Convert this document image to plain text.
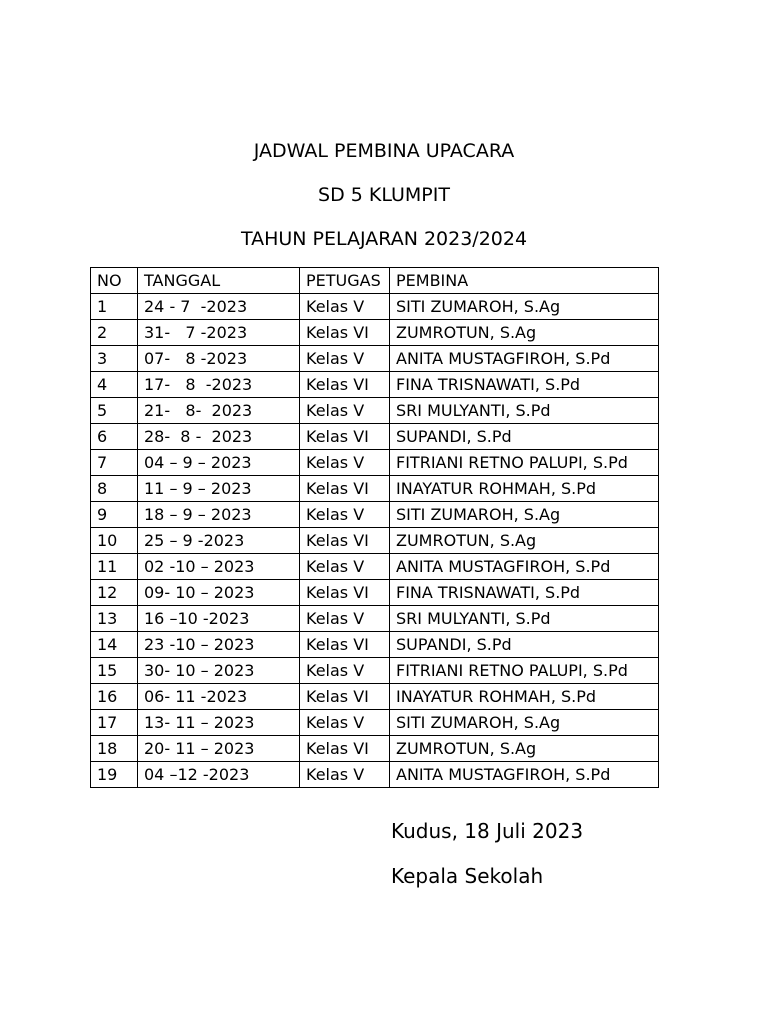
JADWAL PEMBINA UPACARA
SD 5 KLUMPIT
TAHUN PELAJARAN 2023/2024
NO	TANGGAL	PETUGAS	PEMBINA
1	24 - 7  -2023	Kelas V	SITI ZUMAROH, S.Ag
2	31-   7 -2023	Kelas VI	ZUMROTUN, S.Ag
3	07-   8 -2023	Kelas V	ANITA MUSTAGFIROH, S.Pd
4	17-   8  -2023	Kelas VI	FINA TRISNAWATI, S.Pd
5	21-   8-  2023	Kelas V	SRI MULYANTI, S.Pd
6	28-  8 -  2023	Kelas VI	SUPANDI, S.Pd
7	04 – 9 – 2023	Kelas V	FITRIANI RETNO PALUPI, S.Pd
8	11 – 9 – 2023	Kelas VI	INAYATUR ROHMAH, S.Pd
9	18 – 9 – 2023	Kelas V	SITI ZUMAROH, S.Ag
10	25 – 9 -2023	Kelas VI	ZUMROTUN, S.Ag
11	02 -10 – 2023	Kelas V	ANITA MUSTAGFIROH, S.Pd
12	09- 10 – 2023	Kelas VI	FINA TRISNAWATI, S.Pd
13	16 –10 -2023	Kelas V	SRI MULYANTI, S.Pd
14	23 -10 – 2023	Kelas VI	SUPANDI, S.Pd
15	30- 10 – 2023	Kelas V	FITRIANI RETNO PALUPI, S.Pd
16	06- 11 -2023	Kelas VI	INAYATUR ROHMAH, S.Pd
17	13- 11 – 2023	Kelas V	SITI ZUMAROH, S.Ag
18	20- 11 – 2023	Kelas VI	ZUMROTUN, S.Ag
19	04 –12 -2023	Kelas V	ANITA MUSTAGFIROH, S.Pd
Kudus, 18 Juli 2023
Kepala Sekolah
